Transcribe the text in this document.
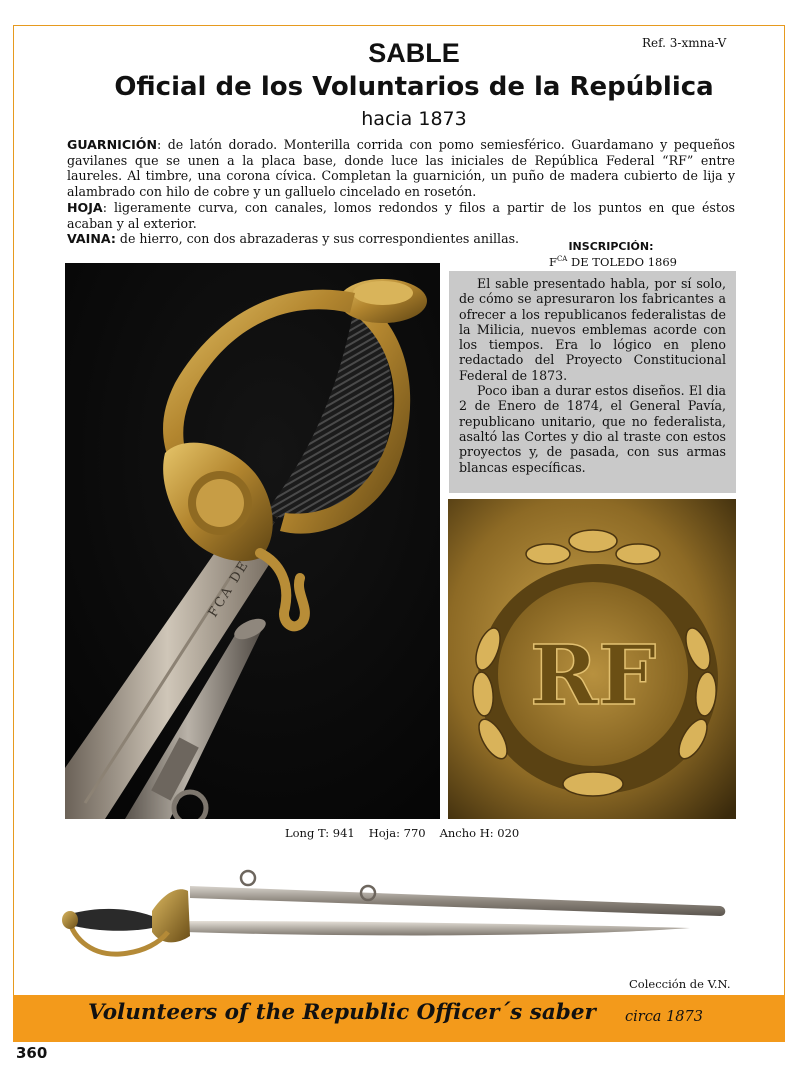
Ref. 3-xmna-V
SABLE
Oficial de los Voluntarios de la República
hacia 1873

GUARNICIÓN: de latón dorado. Monterilla corrida con pomo semiesférico. Guardamano y pequeños gavilanes que se unen a la placa base, donde luce las iniciales de República Federal “RF” entre laureles. Al timbre, una corona cívica. Completan la guarnición, un puño de madera cubierto de lija y alambrado con hilo de cobre y un galluelo cincelado en rosetón.

HOJA: ligeramente curva, con canales, lomos redondos y filos a partir de los puntos en que éstos acaban y al exterior.

VAINA: de hierro, con dos abrazaderas y sus correspondientes anillas.

INSCRIPCIÓN:
$F^{CA}$ DE TOLEDO 1869
FCA DE

El sable presentado habla, por sí solo, de cómo se apresuraron los fabricantes a ofrecer a los republicanos federalistas de la Milicia, nuevos emblemas acorde con los tiempos. Era lo lógico en pleno redactado del Proyecto Constitucional Federal de 1873.

Poco iban a durar estos diseños. El dia 2 de Enero de 1874, el General Pavía, republicano unitario, que no federalista, asaltó las Cortes y dio al traste con estos proyectos y, de pasada, con sus armas blancas específicas.

RF
Long T: 941 Hoja: 770 Ancho H: 020
Colección de V.N.
Volunteers of the Republic Officer´s saber circa 1873
360
